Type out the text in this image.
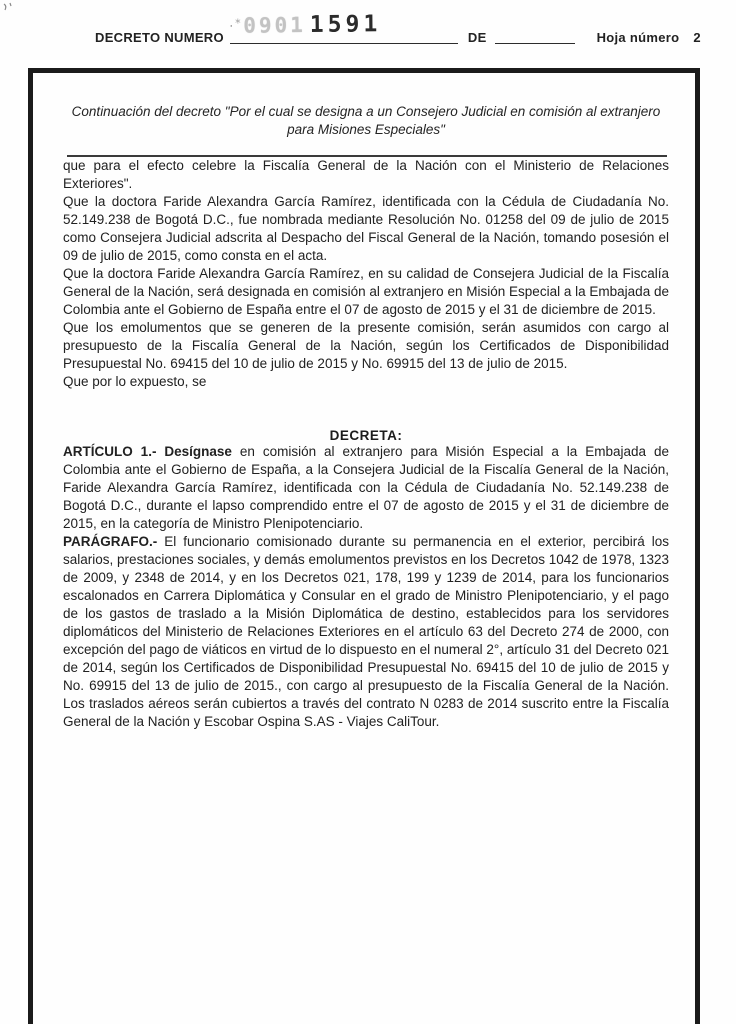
.*0901 1591
DECRETO NUMERO	DE	Hoja número 2
Continuación del decreto "Por el cual se designa a un Consejero Judicial en comisión al extranjero para Misiones Especiales"

que para el efecto celebre la Fiscalía General de la Nación con el Ministerio de Relaciones Exteriores".

Que la doctora Faride Alexandra García Ramírez, identificada con la Cédula de Ciudadanía No. 52.149.238 de Bogotá D.C., fue nombrada mediante Resolución No. 01258 del 09 de julio de 2015 como Consejera Judicial adscrita al Despacho del Fiscal General de la Nación, tomando posesión el 09 de julio de 2015, como consta en el acta.

Que la doctora Faride Alexandra García Ramírez, en su calidad de Consejera Judicial de la Fiscalía General de la Nación, será designada en comisión al extranjero en Misión Especial a la Embajada de Colombia ante el Gobierno de España entre el 07 de agosto de 2015 y el 31 de diciembre de 2015.

Que los emolumentos que se generen de la presente comisión, serán asumidos con cargo al presupuesto de la Fiscalía General de la Nación, según los Certificados de Disponibilidad Presupuestal No. 69415 del 10 de julio de 2015 y No. 69915 del 13 de julio de 2015.

Que por lo expuesto, se

DECRETA:

ARTÍCULO 1.- Desígnase en comisión al extranjero para Misión Especial a la Embajada de Colombia ante el Gobierno de España, a la Consejera Judicial de la Fiscalía General de la Nación, Faride Alexandra García Ramírez, identificada con la Cédula de Ciudadanía No. 52.149.238 de Bogotá D.C., durante el lapso comprendido entre el 07 de agosto de 2015 y el 31 de diciembre de 2015, en la categoría de Ministro Plenipotenciario.

PARÁGRAFO.- El funcionario comisionado durante su permanencia en el exterior, percibirá los salarios, prestaciones sociales, y demás emolumentos previstos en los Decretos 1042 de 1978, 1323 de 2009, y 2348 de 2014, y en los Decretos 021, 178, 199 y 1239 de 2014, para los funcionarios escalonados en Carrera Diplomática y Consular en el grado de Ministro Plenipotenciario, y el pago de los gastos de traslado a la Misión Diplomática de destino, establecidos para los servidores diplomáticos del Ministerio de Relaciones Exteriores en el artículo 63 del Decreto 274 de 2000, con excepción del pago de viáticos en virtud de lo dispuesto en el numeral 2°, artículo 31 del Decreto 021 de 2014, según los Certificados de Disponibilidad Presupuestal No. 69415 del 10 de julio de 2015 y No. 69915 del 13 de julio de 2015., con cargo al presupuesto de la Fiscalía General de la Nación. Los traslados aéreos serán cubiertos a través del contrato N 0283 de 2014 suscrito entre la Fiscalía General de la Nación y Escobar Ospina S.AS - Viajes CaliTour.
